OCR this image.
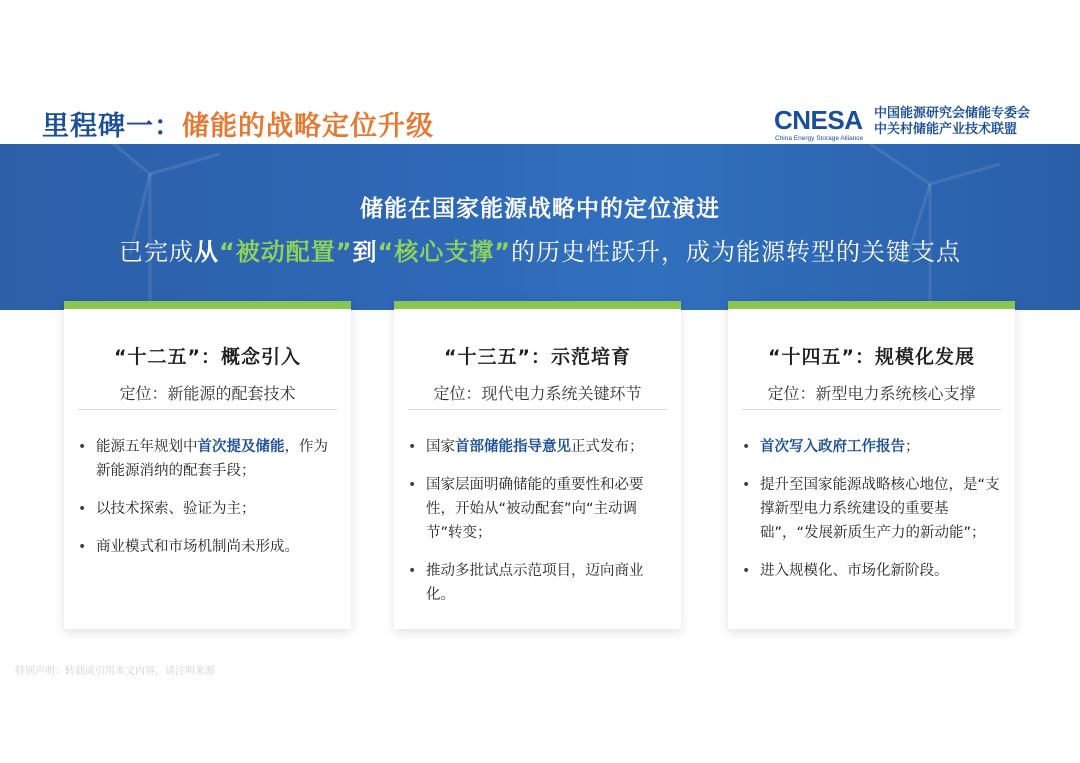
里程碑一：储能的战略定位升级	CNESA
China Energy Storage Alliance
中国能源研究会储能专委会
中关村储能产业技术联盟
储能在国家能源战略中的定位演进
已完成从“被动配置”到“核心支撑”的历史性跃升，成为能源转型的关键支点
“十二五”：概念引入
定位：新能源的配套技术
• 能源五年规划中首次提及储能，作为新能源消纳的配套手段；
• 以技术探索、验证为主；
• 商业模式和市场机制尚未形成。
“十三五”：示范培育
定位：现代电力系统关键环节
• 国家首部储能指导意见正式发布；
• 国家层面明确储能的重要性和必要性，开始从“被动配套”向“主动调节”转变；
• 推动多批试点示范项目，迈向商业化。
“十四五”：规模化发展
定位：新型电力系统核心支撑
• 首次写入政府工作报告；
• 提升至国家能源战略核心地位，是“支撑新型电力系统建设的重要基础”，“发展新质生产力的新动能”；
• 进入规模化、市场化新阶段。
特别声明：转载或引用本文内容，请注明来源
